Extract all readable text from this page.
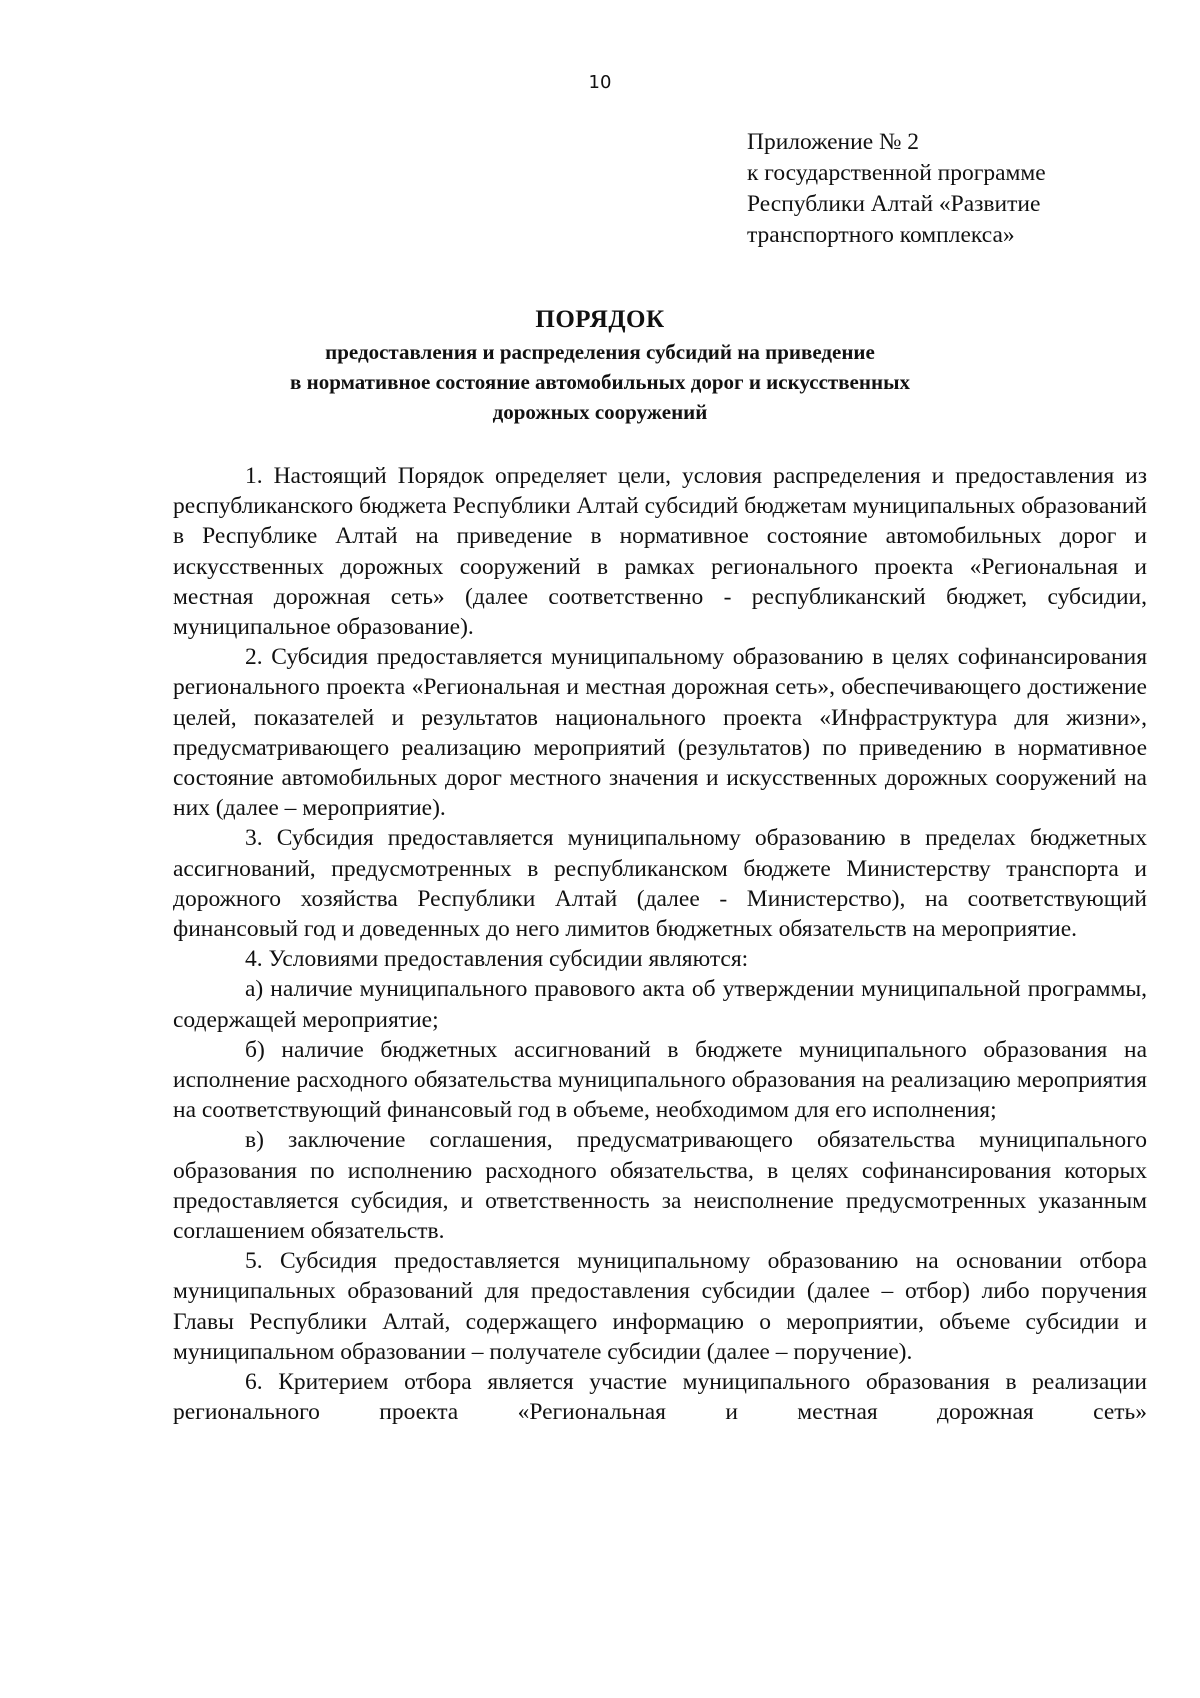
10
Приложение № 2
к государственной программе
Республики Алтай «Развитие
транспортного комплекса»
ПОРЯДОК
предоставления и распределения субсидий на приведение
в нормативное состояние автомобильных дорог и искусственных
дорожных сооружений

1. Настоящий Порядок определяет цели, условия распределения и предоставления из республиканского бюджета Республики Алтай субсидий бюджетам муниципальных образований в Республике Алтай на приведение в нормативное состояние автомобильных дорог и искусственных дорожных сооружений в рамках регионального проекта «Региональная и местная дорожная сеть» (далее соответственно - республиканский бюджет, субсидии, муниципальное образование).

2. Субсидия предоставляется муниципальному образованию в целях софинансирования регионального проекта «Региональная и местная дорожная сеть», обеспечивающего достижение целей, показателей и результатов национального проекта «Инфраструктура для жизни», предусматривающего реализацию мероприятий (результатов) по приведению в нормативное состояние автомобильных дорог местного значения и искусственных дорожных сооружений на них (далее – мероприятие).

3. Субсидия предоставляется муниципальному образованию в пределах бюджетных ассигнований, предусмотренных в республиканском бюджете Министерству транспорта и дорожного хозяйства Республики Алтай (далее - Министерство), на соответствующий финансовый год и доведенных до него лимитов бюджетных обязательств на мероприятие.

4. Условиями предоставления субсидии являются:

а) наличие муниципального правового акта об утверждении муниципальной программы, содержащей мероприятие;

б) наличие бюджетных ассигнований в бюджете муниципального образования на исполнение расходного обязательства муниципального образования на реализацию мероприятия на соответствующий финансовый год в объеме, необходимом для его исполнения;

в) заключение соглашения, предусматривающего обязательства муниципального образования по исполнению расходного обязательства, в целях софинансирования которых предоставляется субсидия, и ответственность за неисполнение предусмотренных указанным соглашением обязательств.

5. Субсидия предоставляется муниципальному образованию на основании отбора муниципальных образований для предоставления субсидии (далее – отбор) либо поручения Главы Республики Алтай, содержащего информацию о мероприятии, объеме субсидии и муниципальном образовании – получателе субсидии (далее – поручение).

6. Критерием отбора является участие муниципального образования в реализации регионального проекта «Региональная и местная дорожная сеть»
